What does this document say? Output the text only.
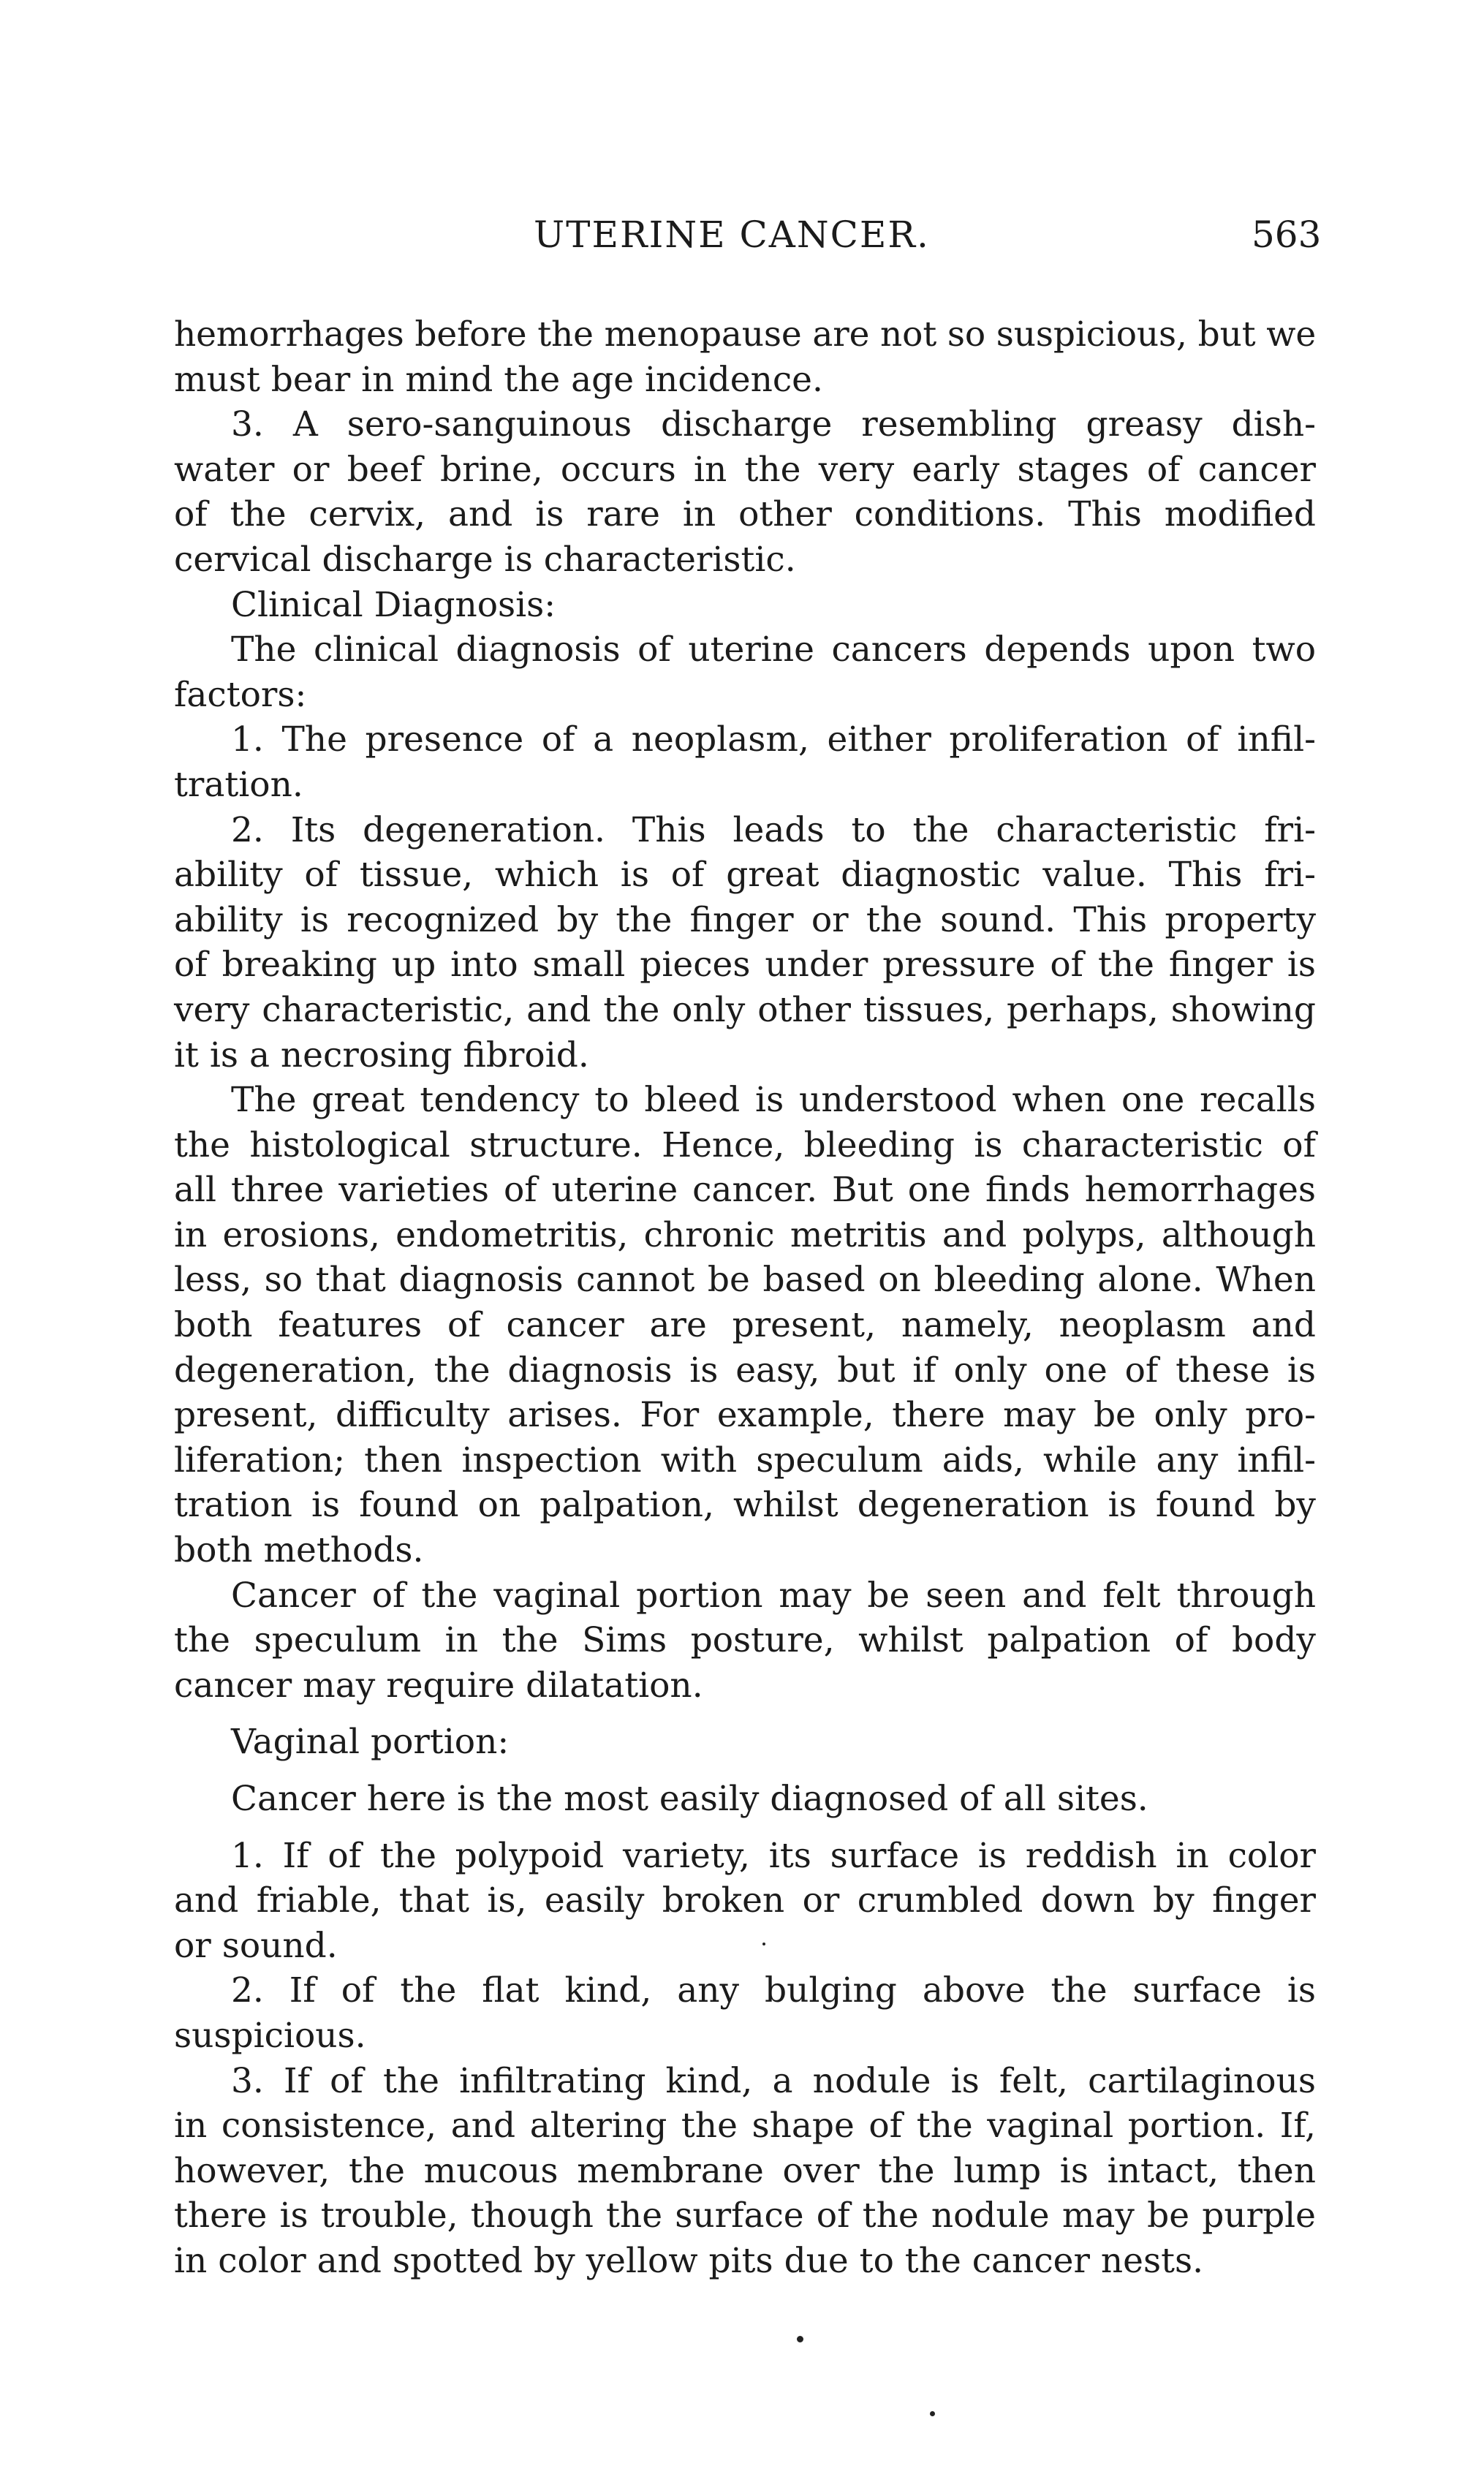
UTERINE CANCER.	563
hemorrhages before the menopause are not so suspicious, but we
must bear in mind the age incidence.
3. A sero-sanguinous discharge resembling greasy dish-
water or beef brine, occurs in the very early stages of cancer
of the cervix, and is rare in other conditions. This modified
cervical discharge is characteristic.
Clinical Diagnosis:
The clinical diagnosis of uterine cancers depends upon two
factors:
1. The presence of a neoplasm, either proliferation of infil-
tration.
2. Its degeneration. This leads to the characteristic fri-
ability of tissue, which is of great diagnostic value. This fri-
ability is recognized by the finger or the sound. This property
of breaking up into small pieces under pressure of the finger is
very characteristic, and the only other tissues, perhaps, showing
it is a necrosing fibroid.
The great tendency to bleed is understood when one recalls
the histological structure. Hence, bleeding is characteristic of
all three varieties of uterine cancer. But one finds hemorrhages
in erosions, endometritis, chronic metritis and polyps, although
less, so that diagnosis cannot be based on bleeding alone. When
both features of cancer are present, namely, neoplasm and
degeneration, the diagnosis is easy, but if only one of these is
present, difficulty arises. For example, there may be only pro-
liferation; then inspection with speculum aids, while any infil-
tration is found on palpation, whilst degeneration is found by
both methods.
Cancer of the vaginal portion may be seen and felt through
the speculum in the Sims posture, whilst palpation of body
cancer may require dilatation.
Vaginal portion:
Cancer here is the most easily diagnosed of all sites.
1. If of the polypoid variety, its surface is reddish in color
and friable, that is, easily broken or crumbled down by finger
or sound.
2. If of the flat kind, any bulging above the surface is
suspicious.
3. If of the infiltrating kind, a nodule is felt, cartilaginous
in consistence, and altering the shape of the vaginal portion. If,
however, the mucous membrane over the lump is intact, then
there is trouble, though the surface of the nodule may be purple
in color and spotted by yellow pits due to the cancer nests.
